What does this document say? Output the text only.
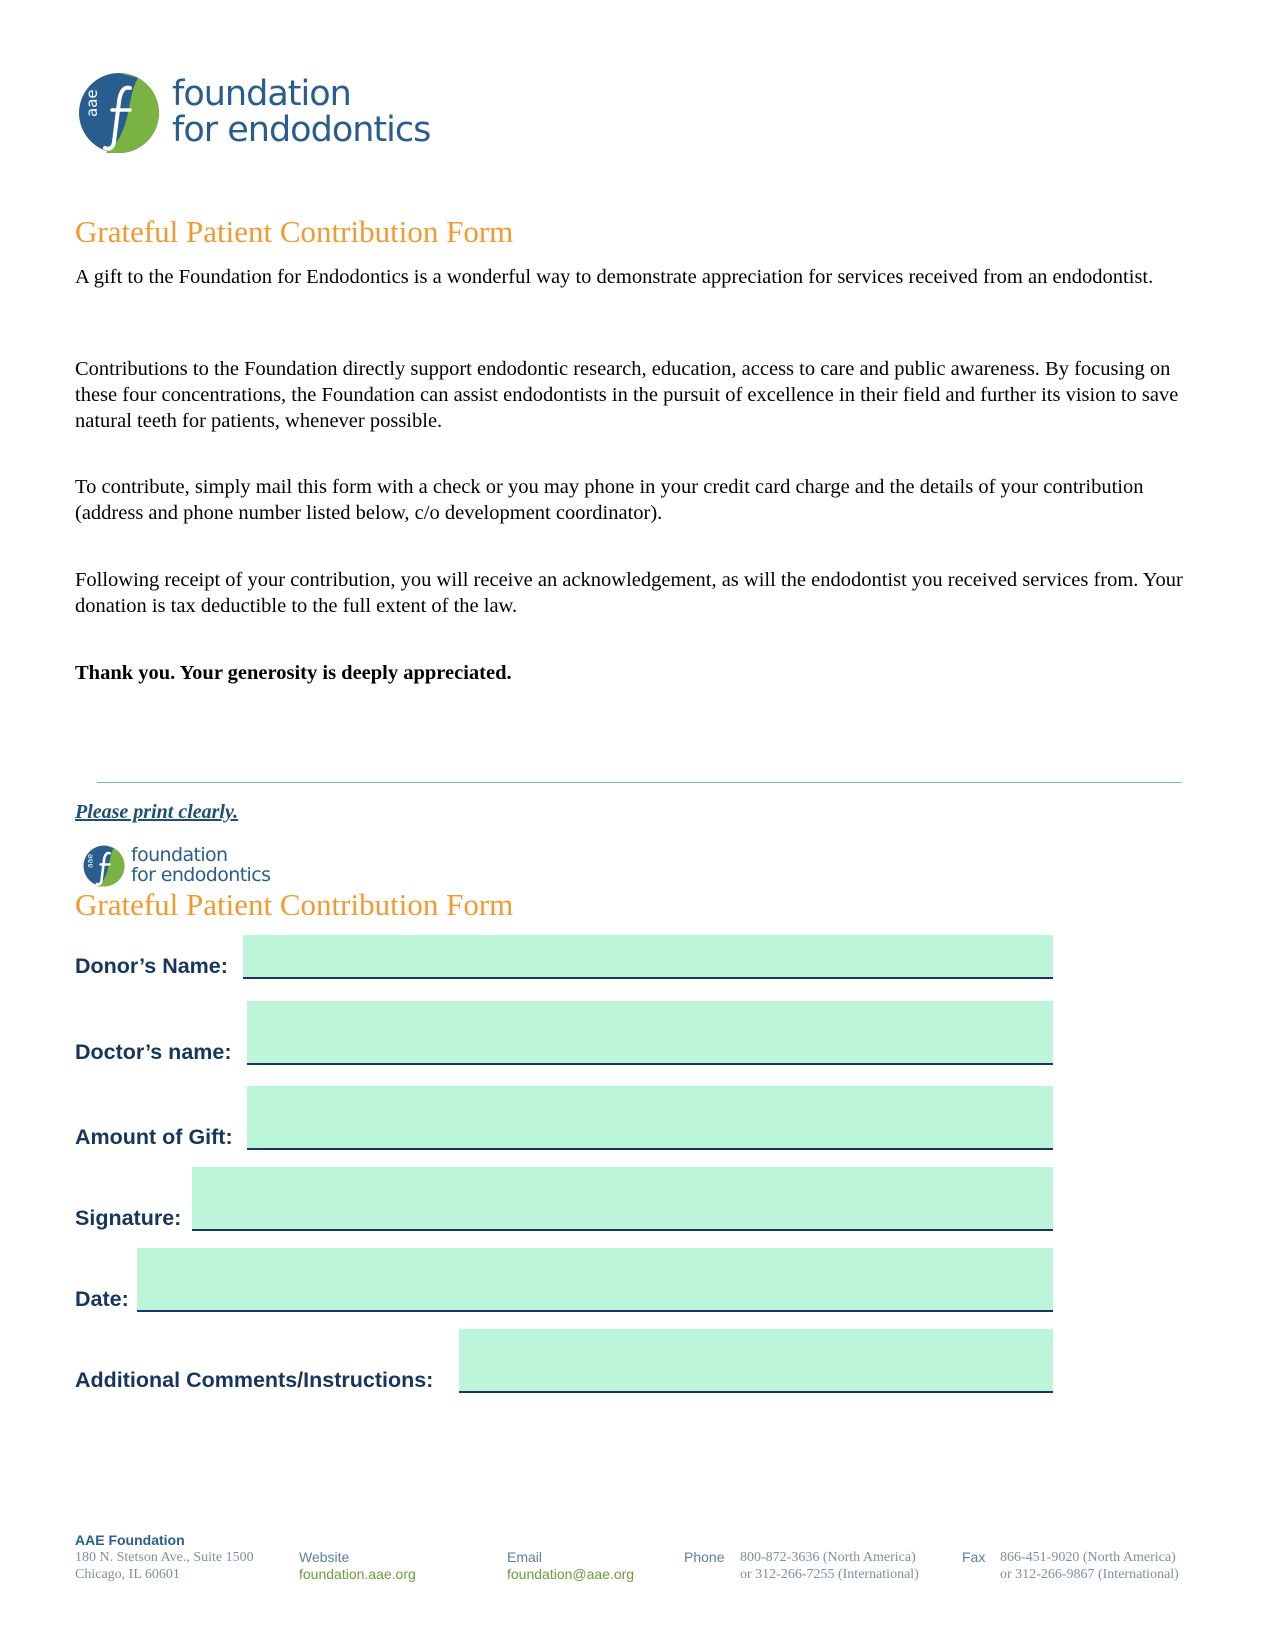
aae foundation
for endodontics
Grateful Patient Contribution Form
A gift to the Foundation for Endodontics is a wonderful way to demonstrate appreciation for services received from an endodontist.
Contributions to the Foundation directly support endodontic research, education, access to care and public awareness. By focusing on these four concentrations, the Foundation can assist endodontists in the pursuit of excellence in their field and further its vision to save natural teeth for patients, whenever possible.
To contribute, simply mail this form with a check or you may phone in your credit card charge and the details of your contribution (address and phone number listed below, c/o development coordinator).
Following receipt of your contribution, you will receive an acknowledgement, as will the endodontist you received services from. Your donation is tax deductible to the full extent of the law.
Thank you. Your generosity is deeply appreciated.
Please print clearly.
aae foundation
for endodontics
Grateful Patient Contribution Form
Donor’s Name:
Doctor’s name:
Amount of Gift:
Signature:
Date:
Additional Comments/Instructions:
AAE Foundation
180 N. Stetson Ave., Suite 1500
Chicago, IL 60601
Website
foundation.aae.org
Email
foundation@aae.org
Phone 800-872-3636 (North America)
or 312-266-7255 (International)
Fax 866-451-9020 (North America)
or 312-266-9867 (International)
